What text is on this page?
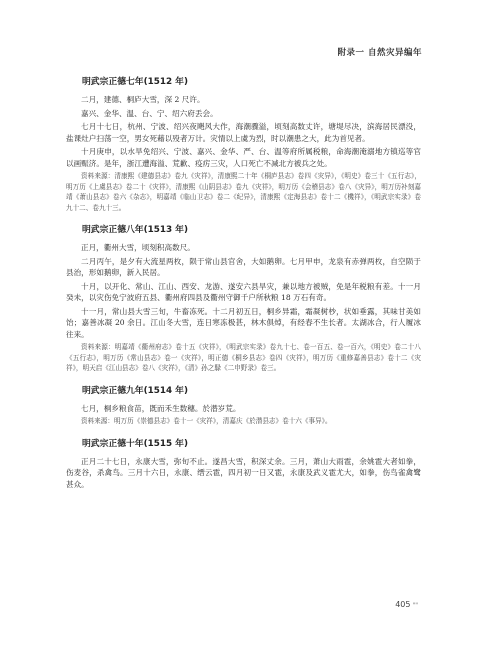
附录一 自然灾异编年
明武宗正德七年(1512 年)

二月，建德、桐庐大雪，深 2 尺许。

嘉兴、金华、温、台、宁、绍六府丢会。

七月十七日，杭州、宁波、绍兴夜飓风大作，海潮骤溢，顷刻高数丈许，塘堤尽决，滨海居民漂没，盐课灶户扫荡一空，男女死藉以殁者万计。灾情以上虞为烈，时以潮患之大，此为首见者。

十月庚申，以水旱免绍兴、宁波、嘉兴、金华、严、台、温等府所属税粮，命海潮淹溺地方镇巡等官以画赈济。是年，浙江遭海溢、荒歉、疫疠三灾，人口死亡不减北方被兵之处。

资料来源：清康熙《建德县志》卷九《灾祥》，清康熙二十年《桐庐县志》卷四《灾异》，《明史》卷三十《五行志》，明万历《上虞县志》卷二十《灾祥》，清康熙《山阴县志》卷九《灾祥》，明万历《会稽县志》卷八《灾异》，明万历补刻嘉靖《萧山县志》卷六《杂志》，明嘉靖《临山卫志》卷二《纪异》，清康熙《定海县志》卷十二《機祥》，《明武宗实录》卷九十二、卷九十三。

明武宗正德八年(1513 年)

正月，衢州大雪，顷刻积高数尺。

二月丙午，是夕有大流星两枚，陨于常山县官舍，大如鹅卵。七月甲申，龙泉有赤弹两枚，自空陨于县治，形如鹅卵，新入民居。

十月，以开化、常山、江山、西安、龙游、遂安六县旱灾，兼以地方被贼，免是年税粮有差。十一月癸未，以灾伤免宁波府五县、衢州府四县及衢州守御千户所秋粮 18 万石有奇。

十一月，常山县大雪三旬，牛畜冻死。十二月初五日，桐乡异霜，霜凝树杪，状如垂露，其味甘美如饴；嘉善冰凝 20 余日。江山冬大雪，连日寒冻极甚，林木俱焯，有经春不生长者。太湖冰合，行人履冰往来。

资料来源：明嘉靖《衢州府志》卷十五《灾祥》，《明武宗实录》卷九十七、卷一百五、卷一百六，《明史》卷二十八《五行志》，明万历《常山县志》卷一《灾祥》，明正德《桐乡县志》卷四《灾祥》，明万历《重修嘉善县志》卷十二《灾祥》，明天启《江山县志》卷八《灾祥》，《清》孙之騄《二申野录》卷三。

明武宗正德九年(1514 年)

七月，桐乡粮食苗，既而禾生数穗。於潜岁荒。

资料来源：明万历《崇德县志》卷十一《灾祥》，清嘉庆《於潜县志》卷十六《事异》。

明武宗正德十年(1515 年)

正月二十七日，永康大雪，弥旬不止。遂昌大雪，积深丈余。三月，萧山大雨雹，余姚雹大者如拳，伤麦谷，杀禽鸟。三月十六日，永康、缙云雹，四月初一日又雹，永康及武义雹尤大，如拳，伤鸟雀禽鹭甚众。

405 ""
